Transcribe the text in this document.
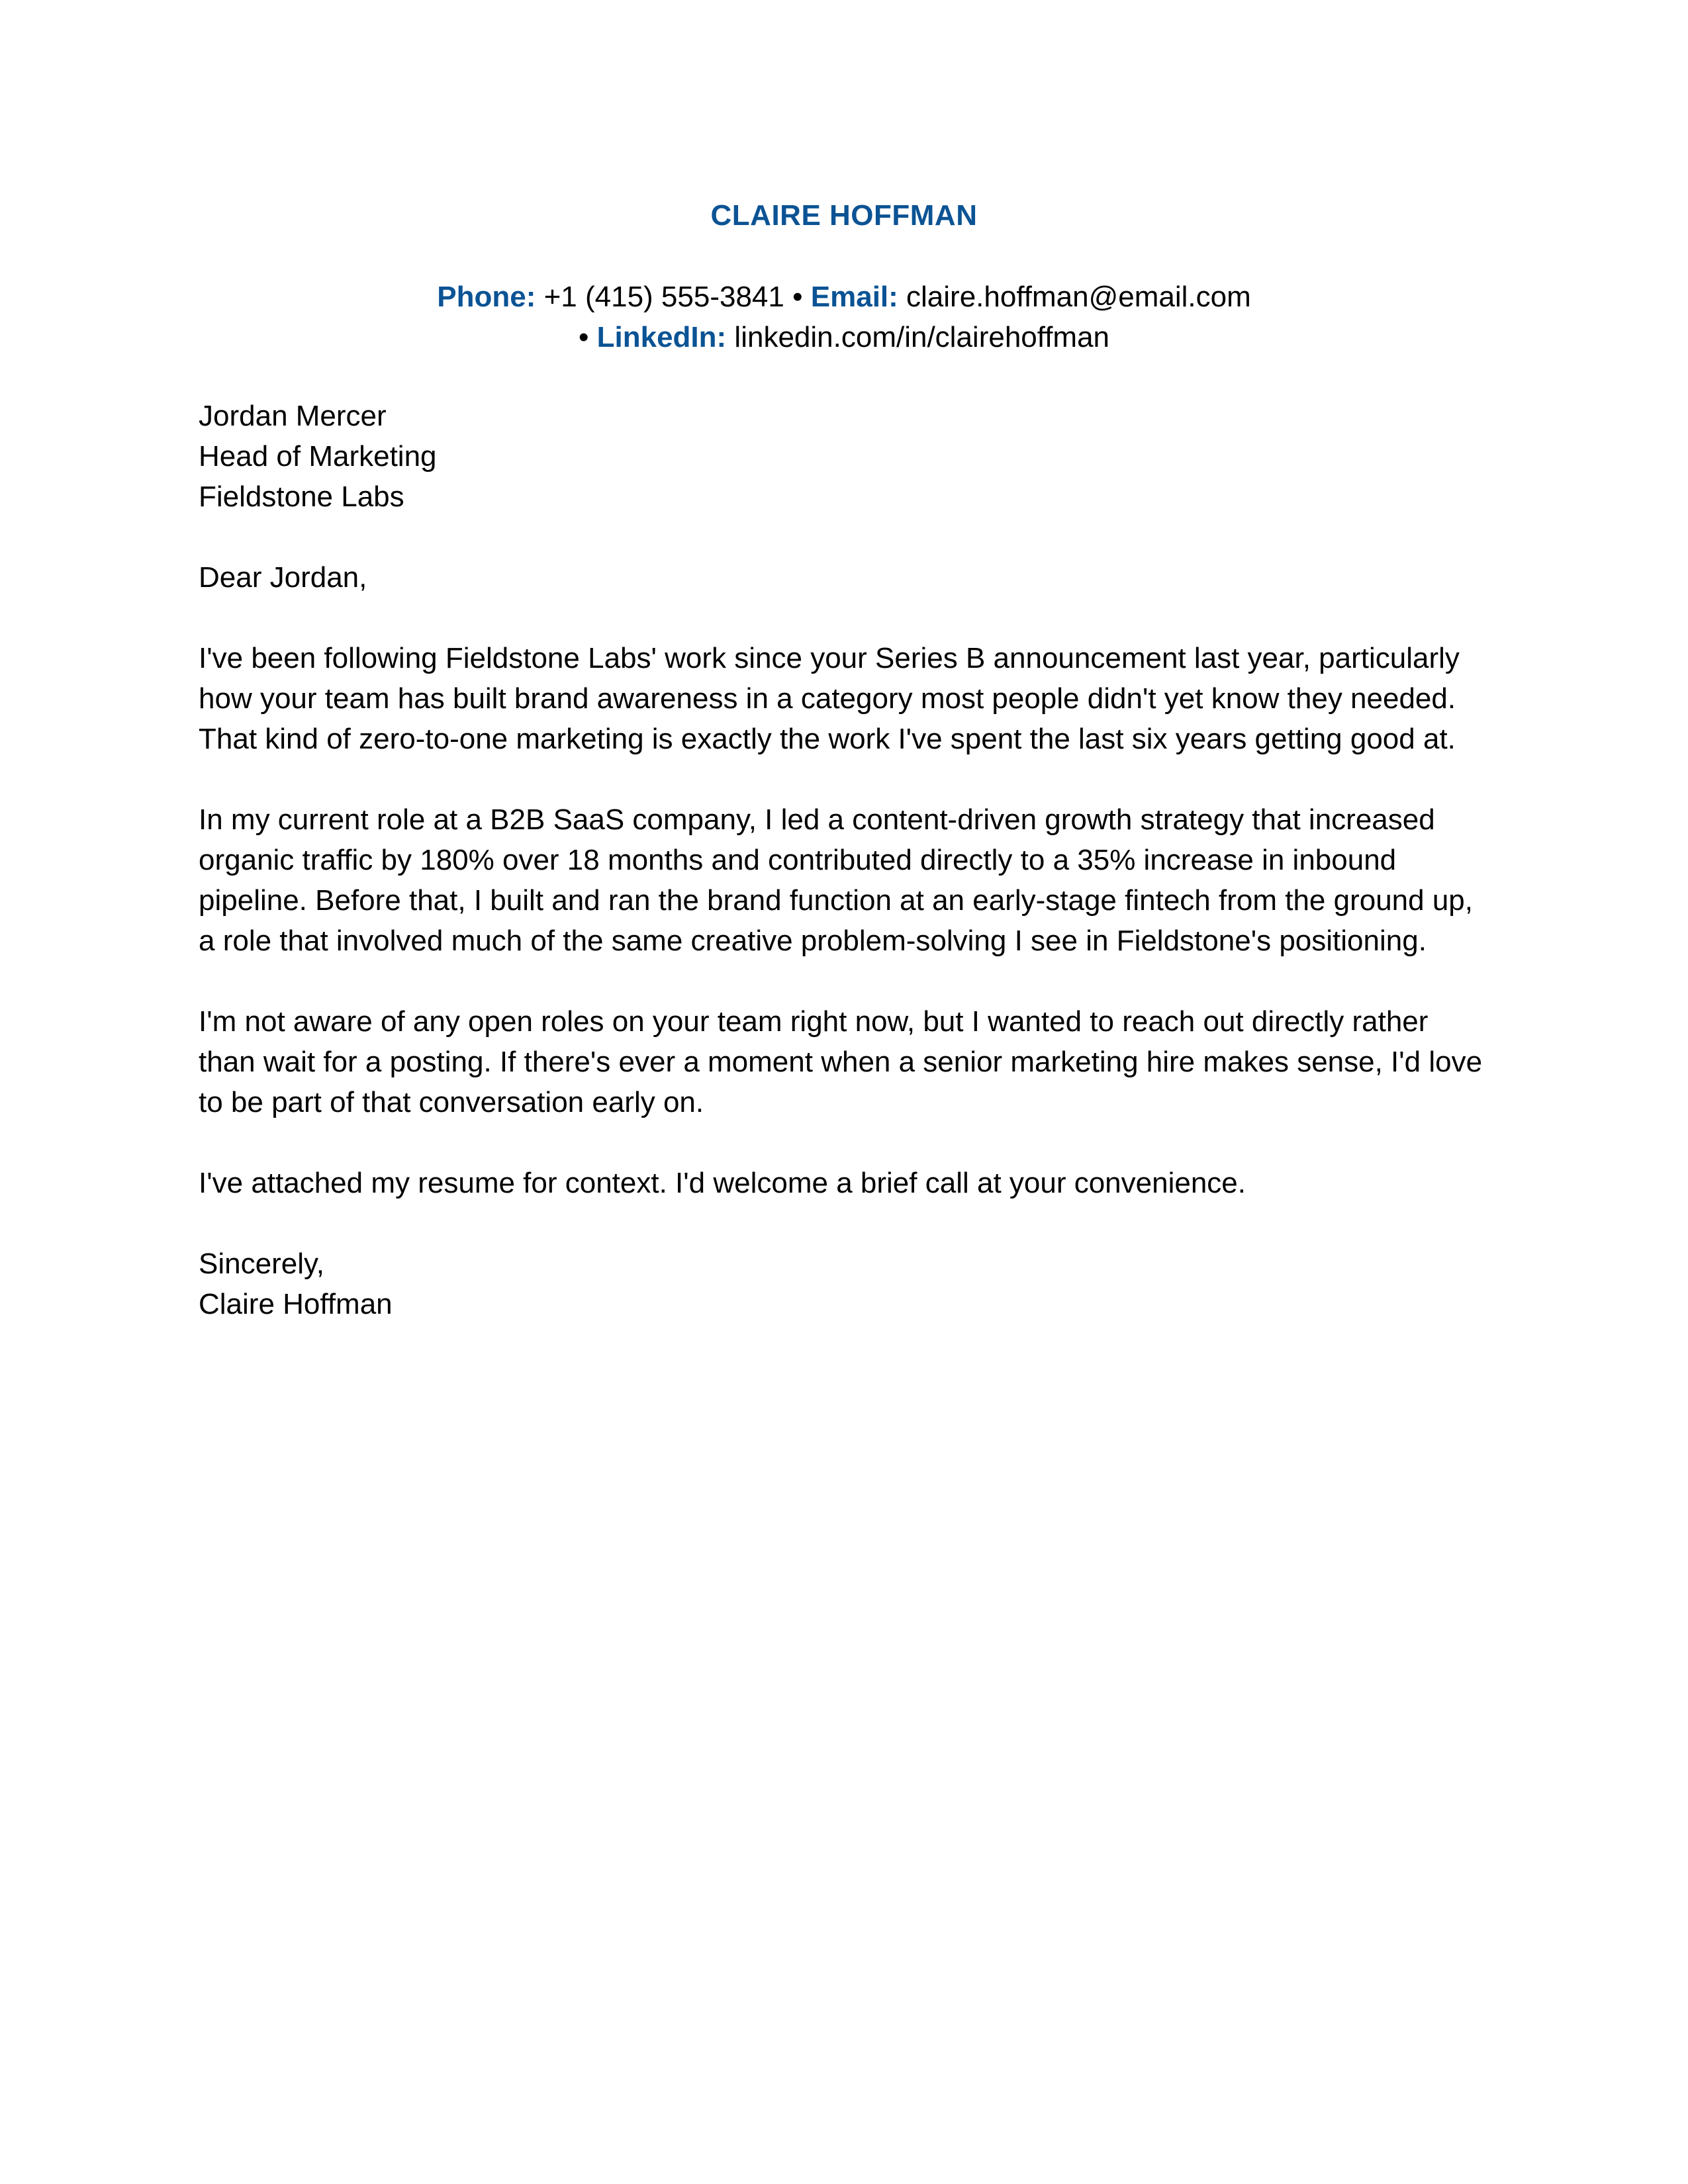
CLAIRE HOFFMAN
Phone: +1 (415) 555-3841 • Email: claire.hoffman@email.com
• LinkedIn: linkedin.com/in/clairehoffman
Jordan Mercer
Head of Marketing
Fieldstone Labs

Dear Jordan,

I've been following Fieldstone Labs' work since your Series B announcement last year, particularly how your team has built brand awareness in a category most people didn't yet know they needed. That kind of zero-to-one marketing is exactly the work I've spent the last six years getting good at.

In my current role at a B2B SaaS company, I led a content-driven growth strategy that increased organic traffic by 180% over 18 months and contributed directly to a 35% increase in inbound pipeline. Before that, I built and ran the brand function at an early-stage fintech from the ground up, a role that involved much of the same creative problem-solving I see in Fieldstone's positioning.

I'm not aware of any open roles on your team right now, but I wanted to reach out directly rather than wait for a posting. If there's ever a moment when a senior marketing hire makes sense, I'd love to be part of that conversation early on.

I've attached my resume for context. I'd welcome a brief call at your convenience.

Sincerely,
Claire Hoffman
